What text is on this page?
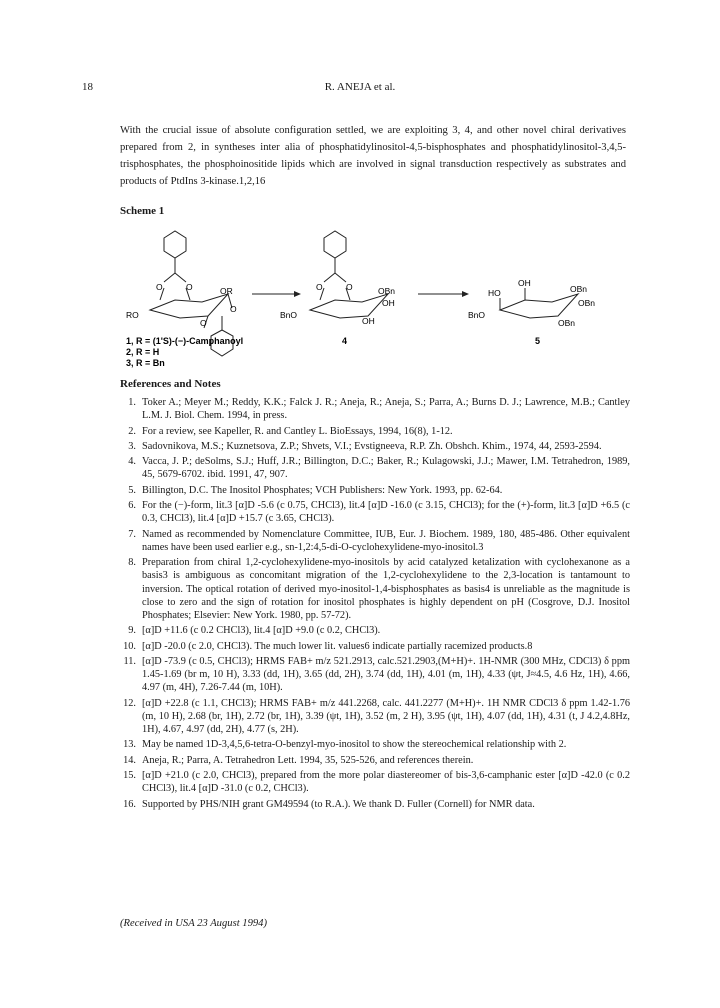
18	R. ANEJA et al.
With the crucial issue of absolute configuration settled, we are exploiting 3, 4, and other novel chiral derivatives prepared from 2, in syntheses inter alia of phosphatidylinositol-4,5-bisphosphates and phosphatidylinositol-3,4,5-trisphosphates, the phosphoinositide lipids which are involved in signal transduction respectively as substrates and products of PtdIns 3-kinase.1,2,16
Scheme 1
O	O	OR
O
RO
O
O	O	OBn
OH
BnO
OH
HO
OH
OBn
OBn
BnO
OBn
1, R = (1'S)-(−)-Camphanoyl
2, R = H
3, R = Bn
4	5
References and Notes
1. Toker A.; Meyer M.; Reddy, K.K.; Falck J. R.; Aneja, R.; Aneja, S.; Parra, A.; Burns D. J.; Lawrence, M.B.; Cantley L.M. J. Biol. Chem. 1994, in press.
2. For a review, see Kapeller, R. and Cantley L. BioEssays, 1994, 16(8), 1-12.
3. Sadovnikova, M.S.; Kuznetsova, Z.P.; Shvets, V.I.; Evstigneeva, R.P. Zh. Obshch. Khim., 1974, 44, 2593-2594.
4. Vacca, J. P.; deSolms, S.J.; Huff, J.R.; Billington, D.C.; Baker, R.; Kulagowski, J.J.; Mawer, I.M. Tetrahedron, 1989, 45, 5679-6702. ibid. 1991, 47, 907.
5. Billington, D.C. The Inositol Phosphates; VCH Publishers: New York. 1993, pp. 62-64.
6. For the (−)-form, lit.3 [α]D -5.6 (c 0.75, CHCl3), lit.4 [α]D -16.0 (c 3.15, CHCl3); for the (+)-form, lit.3 [α]D +6.5 (c 0.3, CHCl3), lit.4 [α]D +15.7 (c 3.65, CHCl3).
7. Named as recommended by Nomenclature Committee, IUB, Eur. J. Biochem. 1989, 180, 485-486. Other equivalent names have been used earlier e.g., sn-1,2:4,5-di-O-cyclohexylidene-myo-inositol.3
8. Preparation from chiral 1,2-cyclohexylidene-myo-inositols by acid catalyzed ketalization with cyclohexanone as a basis3 is ambiguous as concomitant migration of the 1,2-cyclohexylidene to the 2,3-location is tantamount to inversion. The optical rotation of derived myo-inositol-1,4-bisphosphates as basis4 is unreliable as the magnitude is close to zero and the sign of rotation for inositol phosphates is highly dependent on pH (Cosgrove, D.J. Inositol Phosphates; Elsevier: New York. 1980, pp. 57-72).
9. [α]D +11.6 (c 0.2 CHCl3), lit.4 [α]D +9.0 (c 0.2, CHCl3).
10. [α]D -20.0 (c 2.0, CHCl3). The much lower lit. values6 indicate partially racemized products.8
11. [α]D -73.9 (c 0.5, CHCl3); HRMS FAB+ m/z 521.2913, calc.521.2903,(M+H)+. 1H-NMR (300 MHz, CDCl3) δ ppm 1.45-1.69 (br m, 10 H), 3.33 (dd, 1H), 3.65 (dd, 2H), 3.74 (dd, 1H), 4.01 (m, 1H), 4.33 (ψt, J≈4.5, 4.6 Hz, 1H), 4.66, 4.97 (m, 4H), 7.26-7.44 (m, 10H).
12. [α]D +22.8 (c 1.1, CHCl3); HRMS FAB+ m/z 441.2268, calc. 441.2277 (M+H)+. 1H NMR CDCl3 δ ppm 1.42-1.76 (m, 10 H), 2.68 (br, 1H), 2.72 (br, 1H), 3.39 (ψt, 1H), 3.52 (m, 2 H), 3.95 (ψt, 1H), 4.07 (dd, 1H), 4.31 (t, J 4.2,4.8Hz, 1H), 4.67, 4.97 (dd, 2H), 4.77 (s, 2H).
13. May be named 1D-3,4,5,6-tetra-O-benzyl-myo-inositol to show the stereochemical relationship with 2.
14. Aneja, R.; Parra, A. Tetrahedron Lett. 1994, 35, 525-526, and references therein.
15. [α]D +21.0 (c 2.0, CHCl3), prepared from the more polar diastereomer of bis-3,6-camphanic ester [α]D -42.0 (c 0.2 CHCl3), lit.4 [α]D -31.0 (c 0.2, CHCl3).
16. Supported by PHS/NIH grant GM49594 (to R.A.). We thank D. Fuller (Cornell) for NMR data.
(Received in USA 23 August 1994)
